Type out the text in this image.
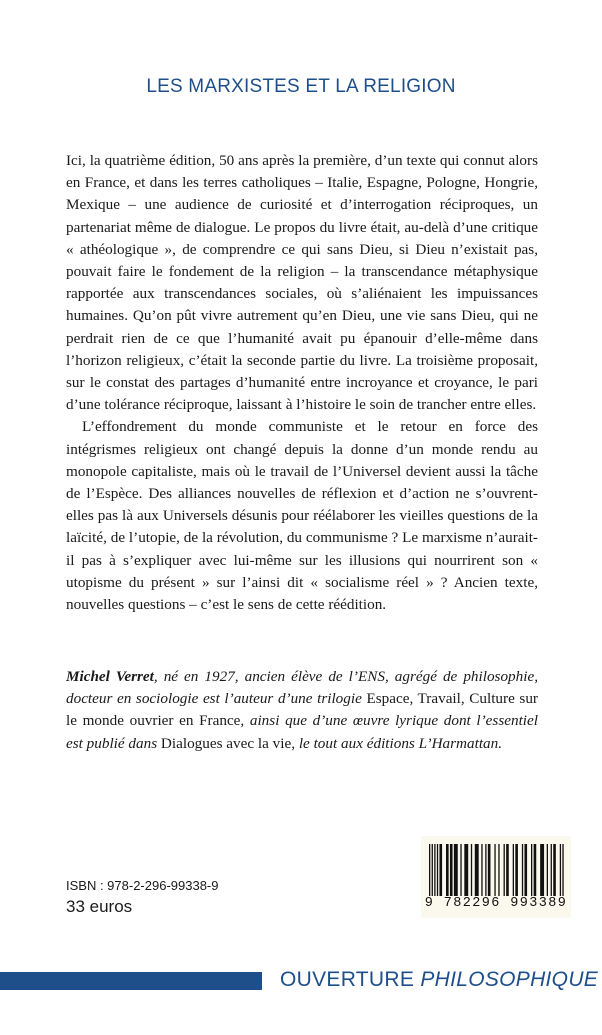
LES MARXISTES ET LA RELIGION

Ici, la quatrième édition, 50 ans après la première, d’un texte qui connut alors en France, et dans les terres catholiques – Italie, Espagne, Pologne, Hongrie, Mexique – une audience de curiosité et d’interrogation réciproques, un partenariat même de dialogue. Le propos du livre était, au-delà d’une critique « athéologique », de comprendre ce qui sans Dieu, si Dieu n’existait pas, pouvait faire le fondement de la religion – la transcendance métaphysique rapportée aux transcendances sociales, où s’aliénaient les impuissances humaines. Qu’on pût vivre autrement qu’en Dieu, une vie sans Dieu, qui ne perdrait rien de ce que l’humanité avait pu épanouir d’elle-même dans l’horizon religieux, c’était la seconde partie du livre. La troisième proposait, sur le constat des partages d’humanité entre incroyance et croyance, le pari d’une tolérance réciproque, laissant à l’histoire le soin de trancher entre elles.

L’effondrement du monde communiste et le retour en force des intégrismes religieux ont changé depuis la donne d’un monde rendu au monopole capitaliste, mais où le travail de l’Universel devient aussi la tâche de l’Espèce. Des alliances nouvelles de réflexion et d’action ne s’ouvrent-elles pas là aux Universels désunis pour réélaborer les vieilles questions de la laïcité, de l’utopie, de la révolution, du communisme ? Le marxisme n’aurait-il pas à s’expliquer avec lui-même sur les illusions qui nourrirent son « utopisme du présent » sur l’ainsi dit « socialisme réel » ? Ancien texte, nouvelles questions – c’est le sens de cette réédition.

Michel Verret, né en 1927, ancien élève de l’ENS, agrégé de philosophie, docteur en sociologie est l’auteur d’une trilogie Espace, Travail, Culture sur le monde ouvrier en France, ainsi que d’une œuvre lyrique dont l’essentiel est publié dans Dialogues avec la vie, le tout aux éditions L’Harmattan.
ISBN : 978-2-296-99338-9
33 euros	9 782296 993389
OUVERTURE PHILOSOPHIQUE
